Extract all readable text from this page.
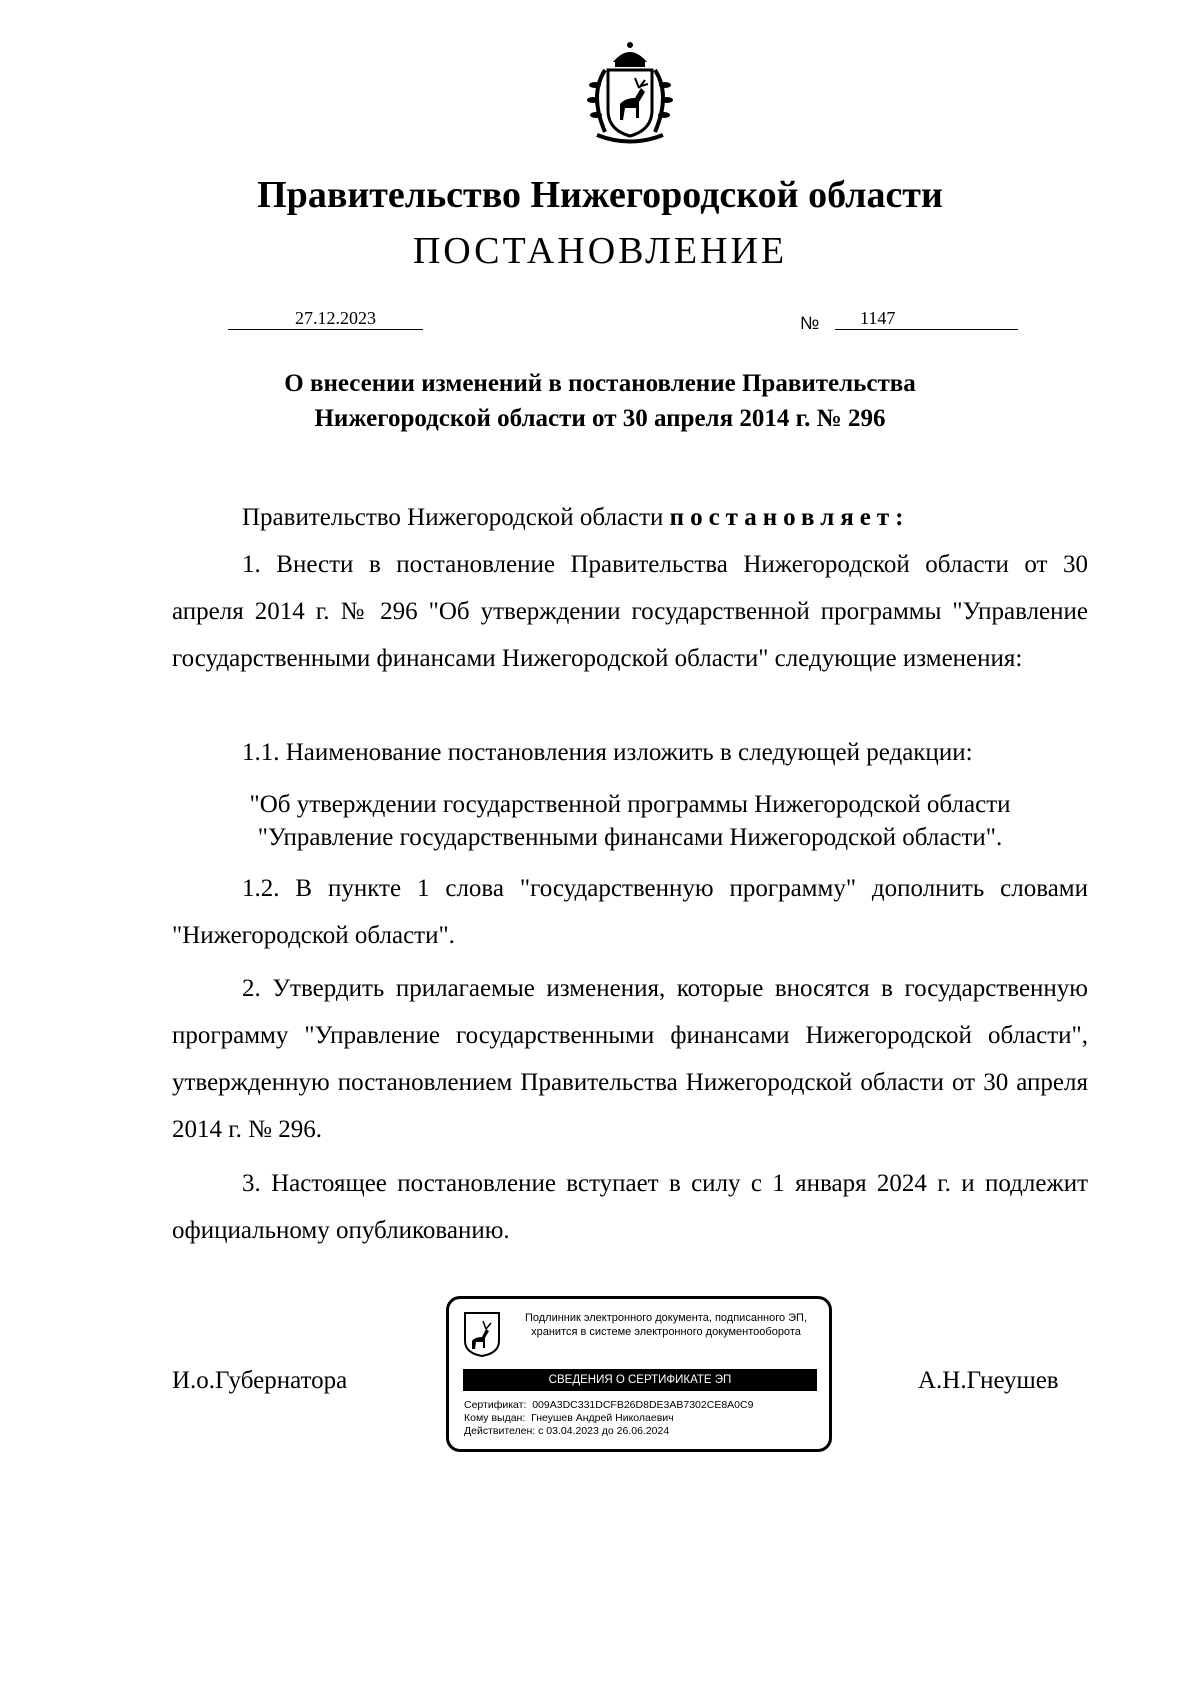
Правительство Нижегородской области
ПОСТАНОВЛЕНИЕ
27.12.2023	№	1147
О внесении изменений в постановление Правительства
Нижегородской области от 30 апреля 2014 г. № 296
Правительство Нижегородской области постановляет:
1. Внести в постановление Правительства Нижегородской области от 30 апреля 2014 г. № 296 "Об утверждении государственной программы "Управление государственными финансами Нижегородской области" следующие изменения:
1.1. Наименование постановления изложить в следующей редакции:
"Об утверждении государственной программы Нижегородской области
"Управление государственными финансами Нижегородской области".
1.2. В пункте 1 слова "государственную программу" дополнить словами "Нижегородской области".
2. Утвердить прилагаемые изменения, которые вносятся в государственную программу "Управление государственными финансами Нижегородской области", утвержденную постановлением Правительства Нижегородской области от 30 апреля 2014 г. № 296.
3. Настоящее постановление вступает в силу с 1 января 2024 г. и подлежит официальному опубликованию.
И.о.Губернатора	А.Н.Гнеушев
Подлинник электронного документа, подписанного ЭП,
хранится в системе электронного документооборота
СВЕДЕНИЯ О СЕРТИФИКАТЕ ЭП
Сертификат: 009A3DC331DCFB26D8DE3AB7302CE8A0C9
Кому выдан: Гнеушев Андрей Николаевич
Действителен: с 03.04.2023 до 26.06.2024
